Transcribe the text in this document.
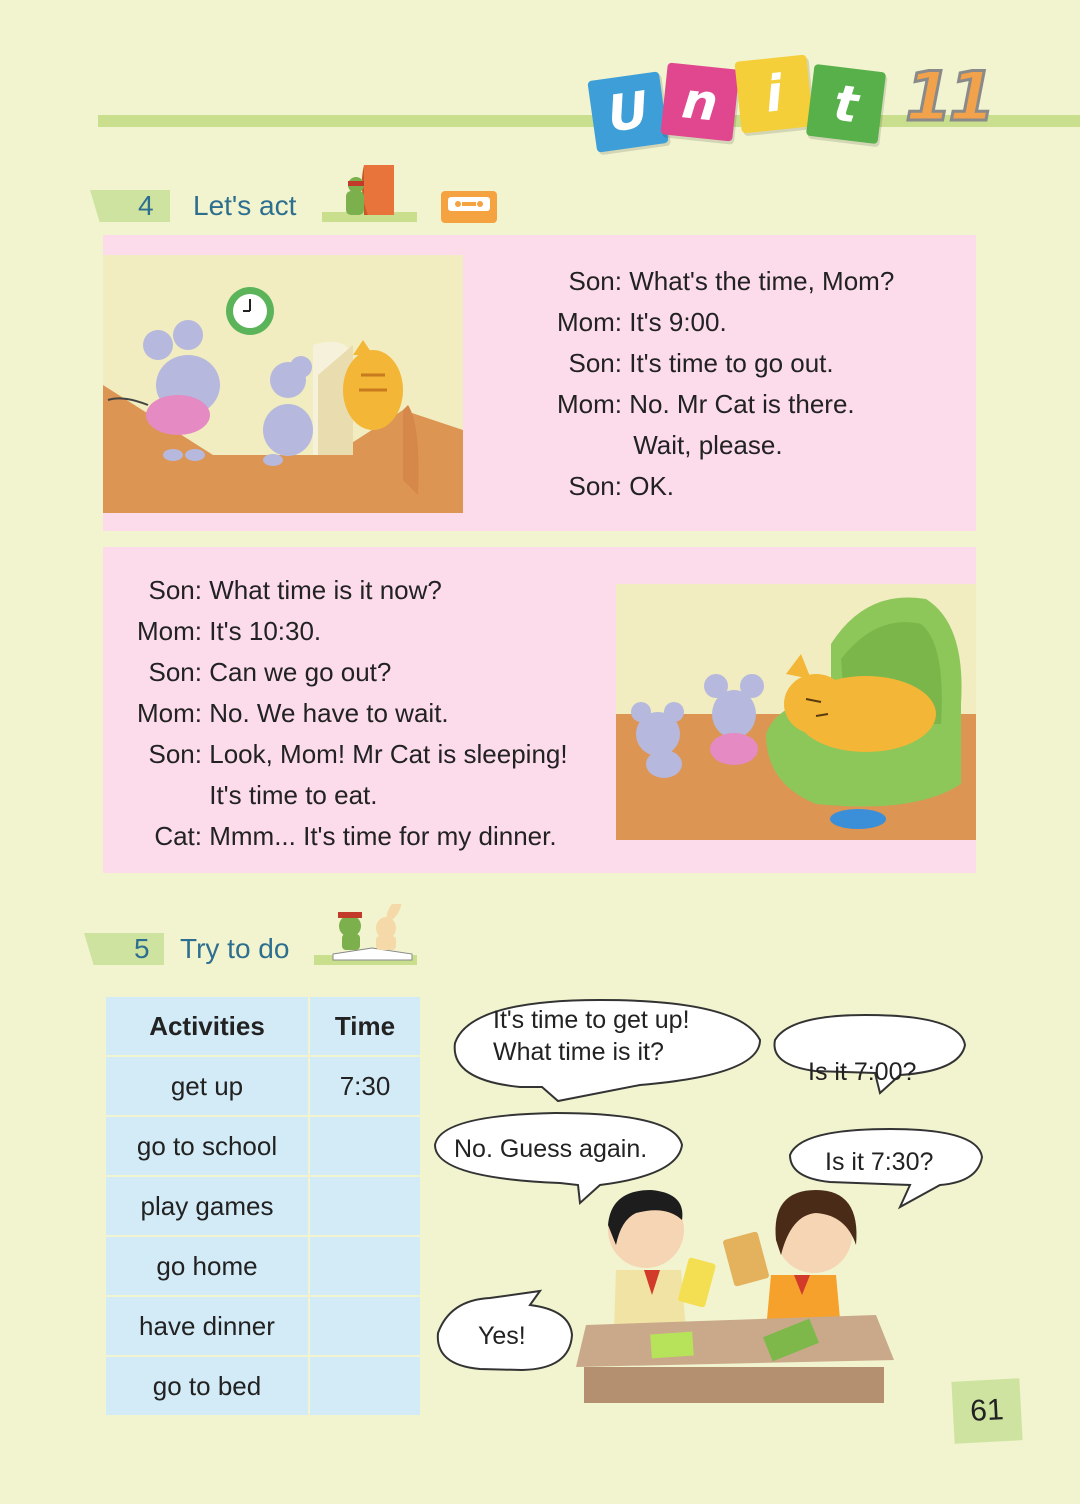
U n i t 11
4 Let's act
Son: What's the time, Mom?
Mom: It's 9:00.
Son: It's time to go out.
Mom: No. Mr Cat is there.
Wait, please.
Son: OK.
Son: What time is it now?
Mom: It's 10:30.
Son: Can we go out?
Mom: No. We have to wait.
Son: Look, Mom! Mr Cat is sleeping!
It's time to eat.
Cat: Mmm... It's time for my dinner.
5 Try to do
Activities	Time
get up	7:30
go to school	
play games	
go home	
have dinner	
go to bed	
It's time to get up!
What time is it?
Is it 7:00?
No. Guess again.	Is it 7:30?
Yes!
61
